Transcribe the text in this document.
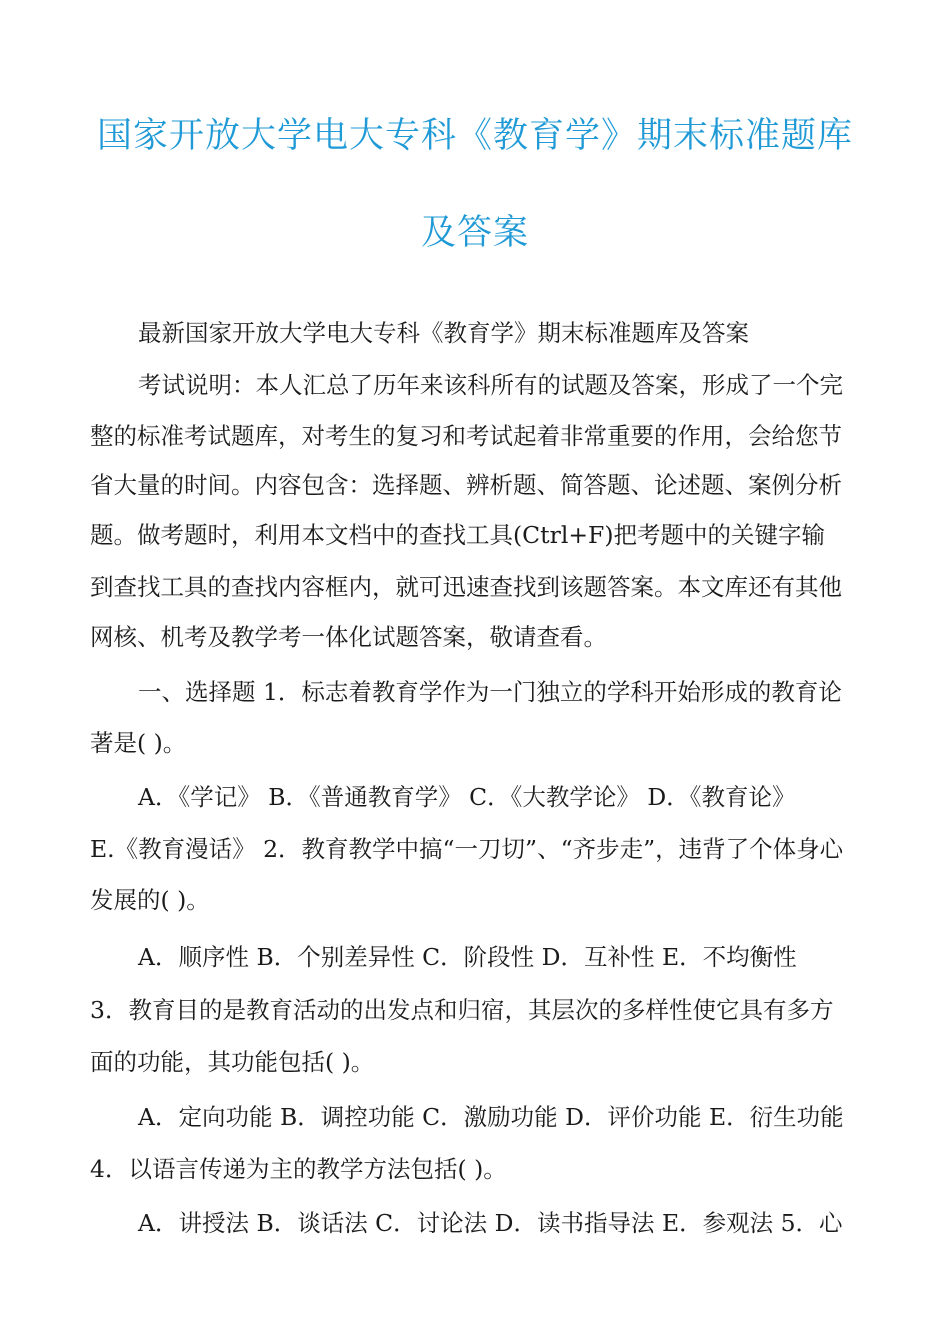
国家开放大学电大专科《教育学》期末标准题库
及答案
最新国家开放大学电大专科《教育学》期末标准题库及答案
考试说明：本人汇总了历年来该科所有的试题及答案，形成了一个完
整的标准考试题库，对考生的复习和考试起着非常重要的作用，会给您节
省大量的时间。内容包含：选择题、辨析题、简答题、论述题、案例分析
题。做考题时，利用本文档中的查找工具(Ctrl+F)把考题中的关键字输
到查找工具的查找内容框内，就可迅速查找到该题答案。本文库还有其他
网核、机考及教学考一体化试题答案，敬请查看。
一、选择题 1．标志着教育学作为一门独立的学科开始形成的教育论
著是( )。
A．《学记》 B．《普通教育学》 C．《大教学论》 D．《教育论》
E.《教育漫话》 2．教育教学中搞“一刀切”、“齐步走”，违背了个体身心
发展的( )。
A．顺序性 B．个别差异性 C．阶段性 D．互补性 E．不均衡性
3．教育目的是教育活动的出发点和归宿，其层次的多样性使它具有多方
面的功能，其功能包括( )。
A．定向功能 B．调控功能 C．激励功能 D．评价功能 E．衍生功能
4．以语言传递为主的教学方法包括( )。
A．讲授法 B．谈话法 C．讨论法 D．读书指导法 E．参观法 5．心
